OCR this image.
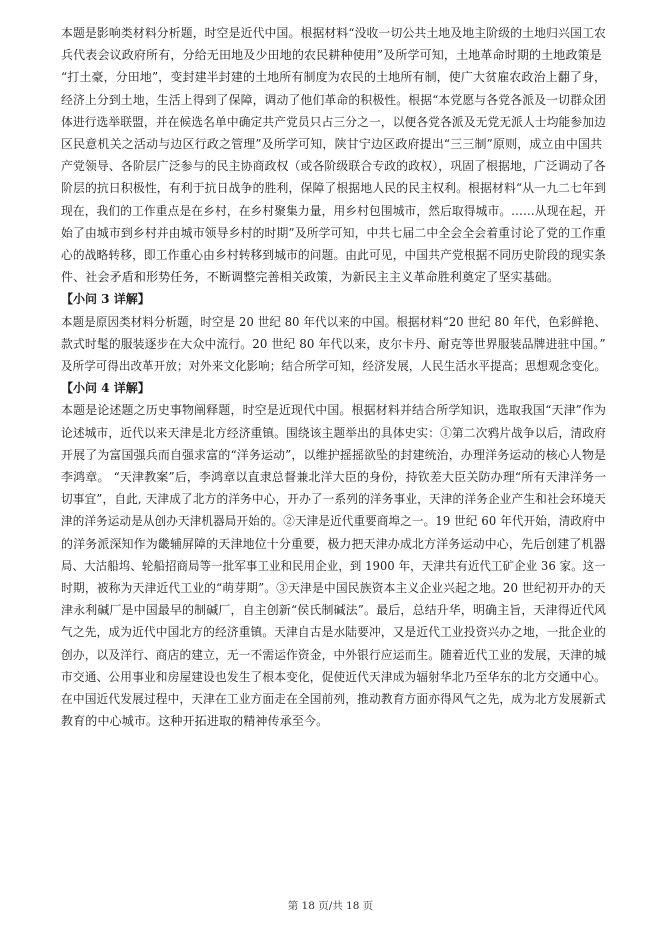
本题是影响类材料分析题，时空是近代中国。根据材料“没收一切公共土地及地主阶级的土地归兴国工农
兵代表会议政府所有，分给无田地及少田地的农民耕种使用”及所学可知，土地革命时期的土地政策是
“打土豪，分田地”，变封建半封建的土地所有制度为农民的土地所有制，使广大贫雇农政治上翻了身，
经济上分到土地，生活上得到了保障，调动了他们革命的积极性。根据“本党愿与各党各派及一切群众团
体进行选举联盟，并在候选名单中确定共产党员只占三分之一，以便各党各派及无党无派人士均能参加边
区民意机关之活动与边区行政之管理”及所学可知，陕甘宁边区政府提出“三三制”原则，成立由中国共
产党领导、各阶层广泛参与的民主协商政权（或各阶级联合专政的政权），巩固了根据地，广泛调动了各
阶层的抗日积极性，有利于抗日战争的胜利，保障了根据地人民的民主权利。根据材料“从一九二七年到
现在，我们的工作重点是在乡村，在乡村聚集力量，用乡村包围城市，然后取得城市。……从现在起，开
始了由城市到乡村并由城市领导乡村的时期”及所学可知，中共七届二中全会全会着重讨论了党的工作重
心的战略转移，即工作重心由乡村转移到城市的问题。由此可见，中国共产党根据不同历史阶段的现实条
件、社会矛盾和形势任务，不断调整完善相关政策，为新民主主义革命胜利奠定了坚实基础。

【小问 3 详解】

本题是原因类材料分析题，时空是 20 世纪 80 年代以来的中国。根据材料“20 世纪 80 年代，色彩鲜艳、
款式时髦的服装逐步在大众中流行。20 世纪 80 年代以来，皮尔卡丹、耐克等世界服装品牌进驻中国。”
及所学可得出改革开放；对外来文化影响；结合所学可知，经济发展，人民生活水平提高；思想观念变化。

【小问 4 详解】

本题是论述题之历史事物阐释题，时空是近现代中国。根据材料并结合所学知识，选取我国“天津”作为
论述城市，近代以来天津是北方经济重镇。围绕该主题举出的具体史实：①第二次鸦片战争以后，清政府
开展了为富国强兵而自强求富的“洋务运动”，以维护摇摇欲坠的封建统治，办理洋务运动的核心人物是
李鸿章。 “天津教案”后，李鸿章以直隶总督兼北洋大臣的身份，持钦差大臣关防办理“所有天津洋务一
切事宜”，自此, 天津成了北方的洋务中心，开办了一系列的洋务事业，天津的洋务企业产生和社会环境天
津的洋务运动是从创办天津机器局开始的。②天津是近代重要商埠之一。19 世纪 60 年代开始，清政府中
的洋务派深知作为畿辅屏障的天津地位十分重要，极力把天津办成北方洋务运动中心，先后创建了机器
局、大沽船坞、轮船招商局等一批军事工业和民用企业，到 1900 年，天津共有近代工矿企业 36 家。这一
时期，被称为天津近代工业的“萌芽期”。③天津是中国民族资本主义企业兴起之地。20 世纪初开办的天
津永利碱厂是中国最早的制碱厂，自主创新“侯氏制碱法”。最后，总结升华，明确主旨，天津得近代风
气之先，成为近代中国北方的经济重镇。天津自古是水陆要冲，又是近代工业投资兴办之地，一批企业的
创办，以及洋行、商店的建立，无一不需运作资金，中外银行应运而生。随着近代工业的发展，天津的城
市交通、公用事业和房屋建设也发生了根本变化，促使近代天津成为辐射华北乃至华东的北方交通中心。
在中国近代发展过程中，天津在工业方面走在全国前列，推动教育方面亦得风气之先，成为北方发展新式
教育的中心城市。这种开拓进取的精神传承至今。

第 18 页/共 18 页
